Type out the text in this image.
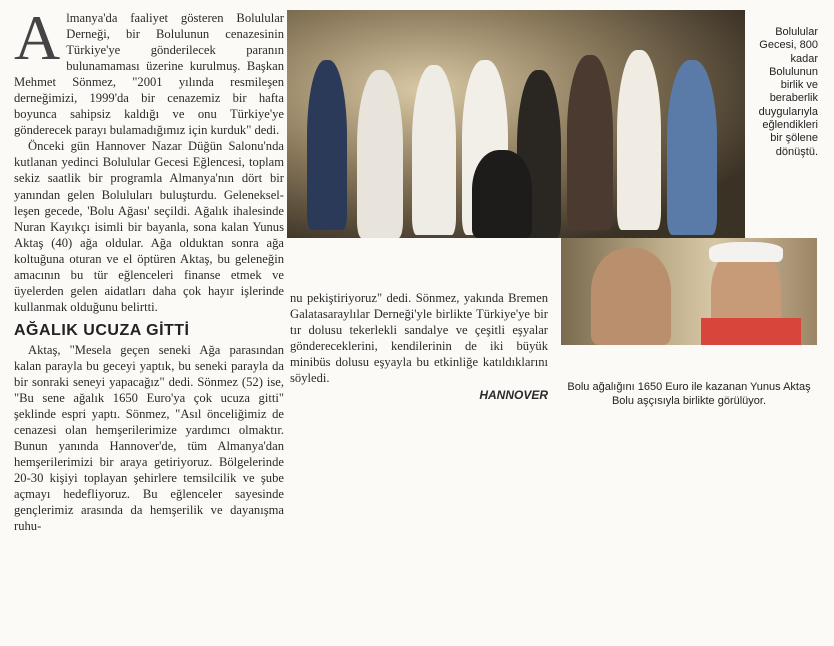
A lmanya'da faaliyet gösteren Bolulular Derneği, bir Bolulunun cenazesinin Türkiye'ye gönderilecek paranın bulunamaması üzerine kurulmuş. Başkan Mehmet Sönmez, "2001 yılında resmileşen derneğimizi, 1999'da bir cenazemiz bir hafta boyunca sahipsiz kaldığı ve onu Türkiye'ye gönderecek parayı bulamadığımız için kurduk" dedi.

Önceki gün Hannover Nazar Düğün Salonu'nda kutlanan yedinci Bolulular Gecesi Eğlencesi, toplam sekiz saatlik bir programla Almanya'nın dört bir yanından gelen Boluluları buluşturdu. Geleneksel-leşen gecede, 'Bolu Ağası' seçildi. Ağalık ihalesinde Nuran Kayıkçı isimli bir bayanla, sona kalan Yunus Aktaş (40) ağa oldular. Ağa olduktan sonra ağa koltuğuna oturan ve el öptüren Aktaş, bu geleneğin amacının bu tür eğlenceleri finanse etmek ve üyelerden gelen aidatları daha çok hayır işlerinde kullanmak olduğunu belirtti.

AĞALIK UCUZA GİTTİ

Aktaş, "Mesela geçen seneki Ağa parasından kalan parayla bu geceyi yaptık, bu seneki parayla da bir sonraki seneyi yapacağız" dedi. Sönmez (52) ise, "Bu sene ağalık 1650 Euro'ya çok ucuza gitti" şeklinde espri yaptı. Sönmez, "Asıl önceliğimiz de cenazesi olan hemşerilerimize yardımcı olmaktır. Bunun yanında Hannover'de, tüm Almanya'dan hemşerilerimizi bir araya getiriyoruz. Bölgelerinde 20-30 kişiyi toplayan şehirlere temsilcilik ve şube açmayı hedefliyoruz. Bu eğlenceler sayesinde gençlerimiz arasında da hemşerilik ve dayanışma ruhu-

Bolulular Gecesi, 800 kadar Bolulunun birlik ve beraberlik duygularıyla eğlendikleri bir şölene dönüştü.

nu pekiştiriyoruz" dedi. Sönmez, yakında Bremen Galatasaraylılar Derneği'yle birlikte Türkiye'ye bir tır dolusu tekerlekli sandalye ve çeşitli eşyalar göndereceklerini, kendilerinin de iki büyük minibüs dolusu eşyayla bu etkinliğe katıldıklarını söyledi.

HANNOVER
Bolu ağalığını 1650 Euro ile kazanan Yunus Aktaş Bolu aşçısıyla birlikte görülüyor.
